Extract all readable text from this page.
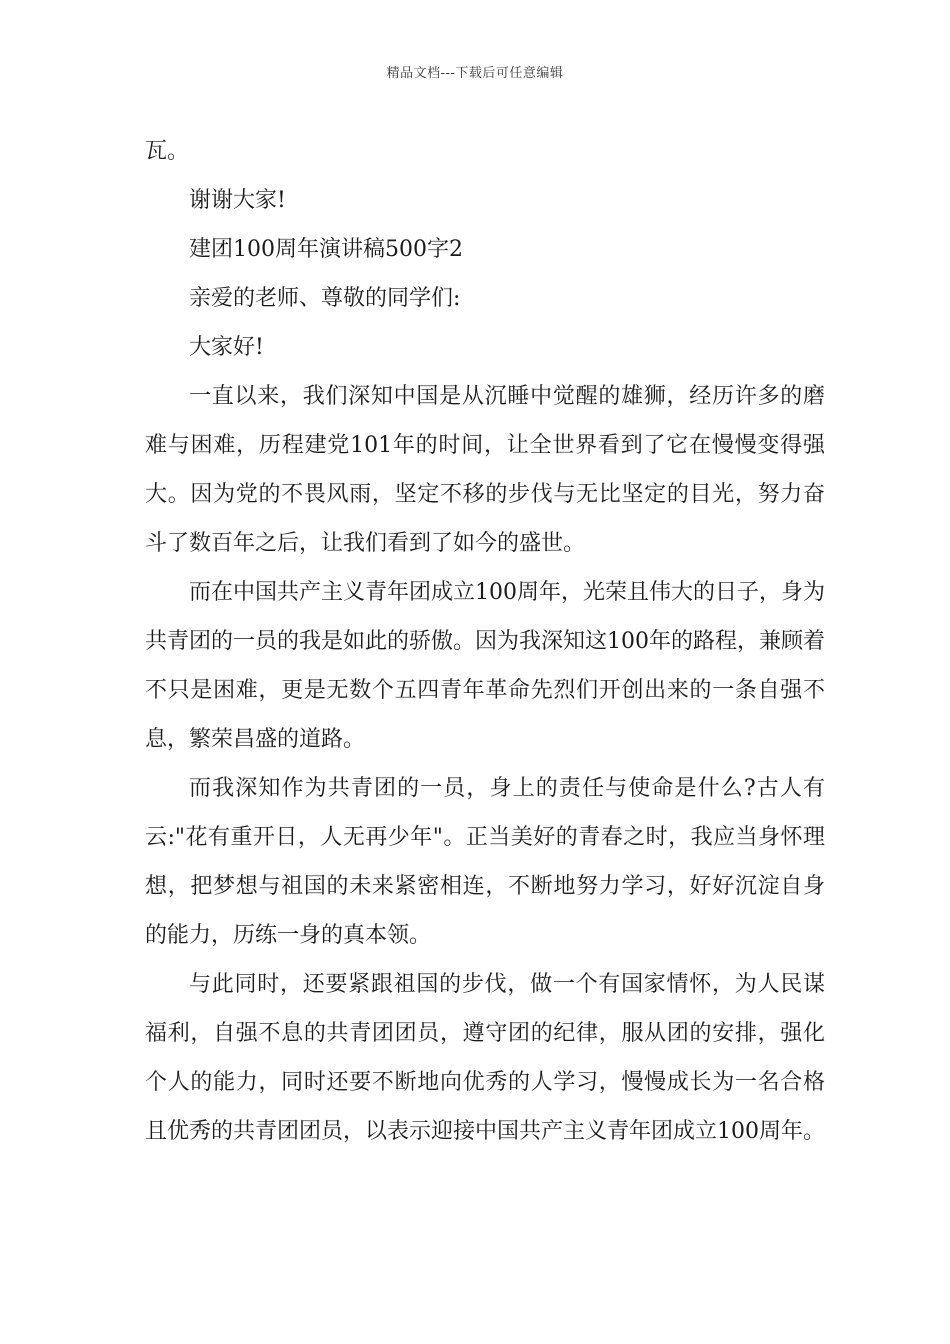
精品文档---下载后可任意编辑

瓦。

谢谢大家!

建团100周年演讲稿500字2

亲爱的老师、尊敬的同学们:

大家好!

一直以来，我们深知中国是从沉睡中觉醒的雄狮，经历许多的磨难与困难，历程建党101年的时间，让全世界看到了它在慢慢变得强大。因为党的不畏风雨，坚定不移的步伐与无比坚定的目光，努力奋斗了数百年之后，让我们看到了如今的盛世。

而在中国共产主义青年团成立100周年，光荣且伟大的日子，身为共青团的一员的我是如此的骄傲。因为我深知这100年的路程，兼顾着不只是困难，更是无数个五四青年革命先烈们开创出来的一条自强不息，繁荣昌盛的道路。

而我深知作为共青团的一员，身上的责任与使命是什么?古人有云:"花有重开日，人无再少年"。正当美好的青春之时，我应当身怀理想，把梦想与祖国的未来紧密相连，不断地努力学习，好好沉淀自身的能力，历练一身的真本领。

与此同时，还要紧跟祖国的步伐，做一个有国家情怀，为人民谋福利，自强不息的共青团团员，遵守团的纪律，服从团的安排，强化个人的能力，同时还要不断地向优秀的人学习，慢慢成长为一名合格且优秀的共青团团员，以表示迎接中国共产主义青年团成立100周年。
